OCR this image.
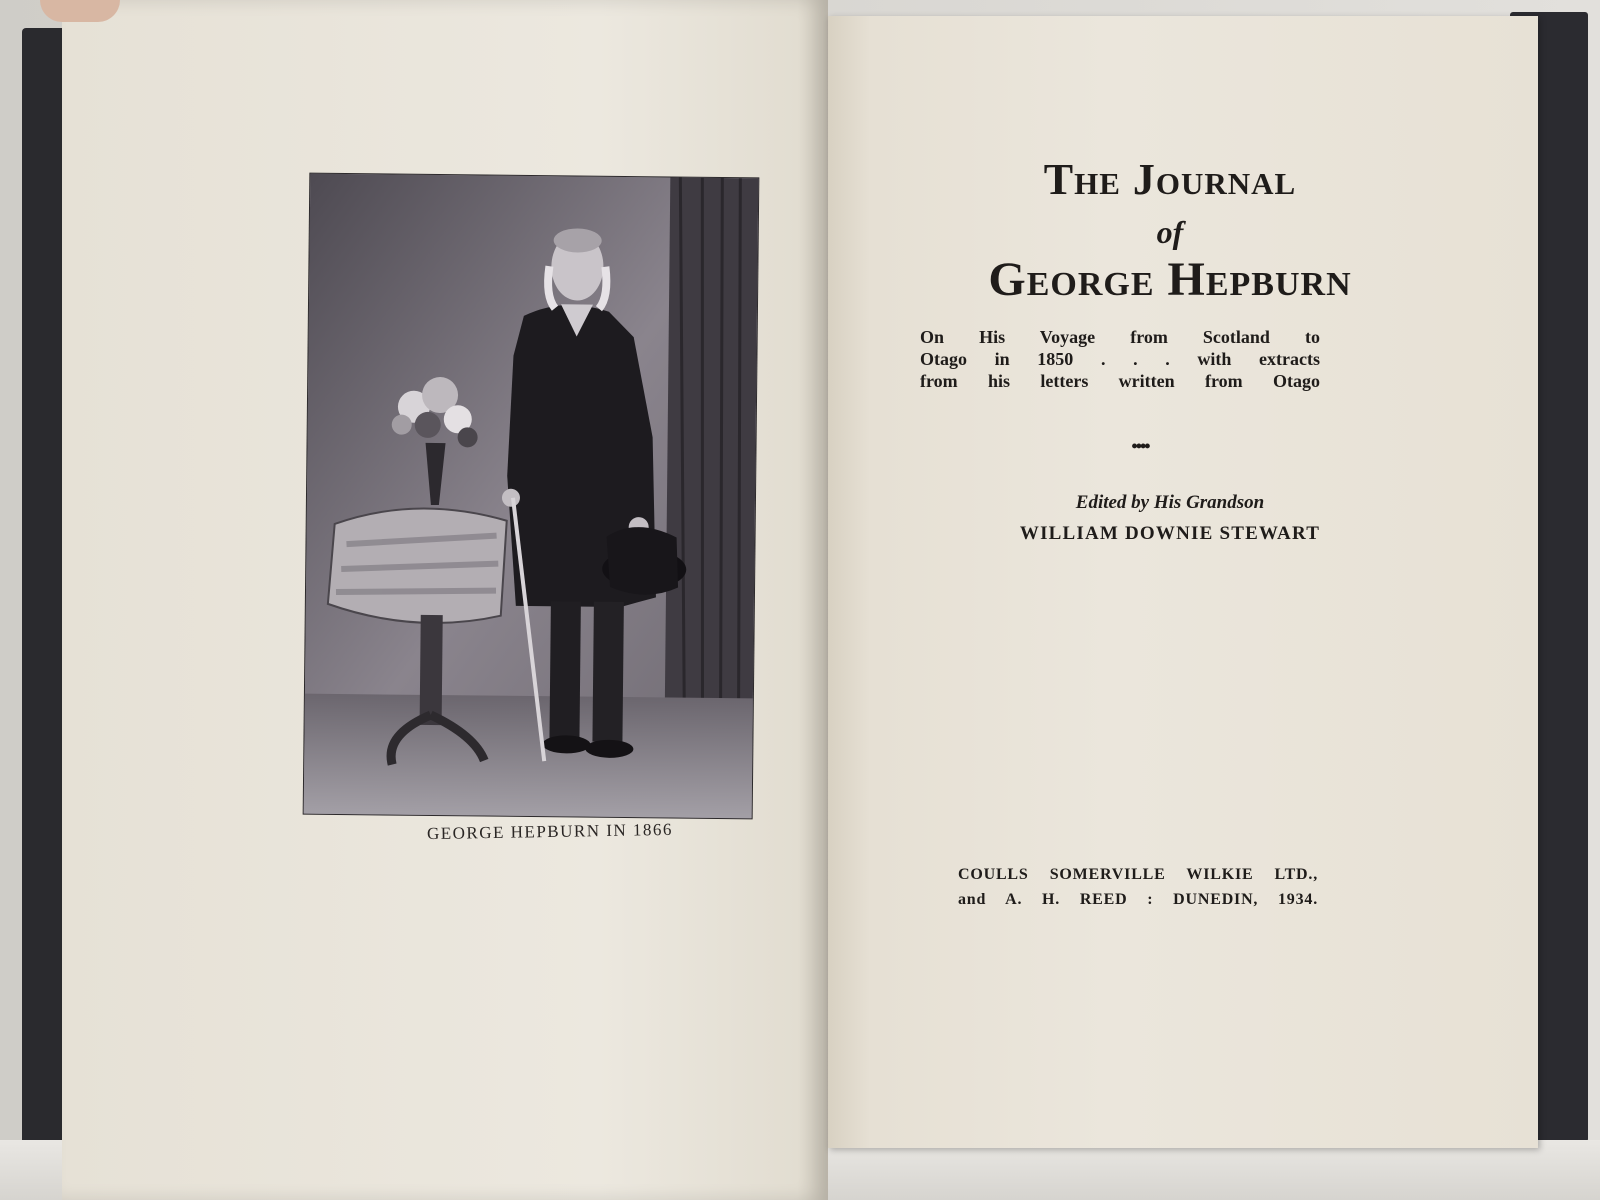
GEORGE HEPBURN IN 1866
The Journal
of
George Hepburn
On His Voyage from Scotland to
Otago in 1850 . . . with extracts
from his letters written from Otago
••••
Edited by His Grandson
WILLIAM DOWNIE STEWART
COULLS SOMERVILLE WILKIE LTD.,
and A. H. REED : DUNEDIN, 1934.
